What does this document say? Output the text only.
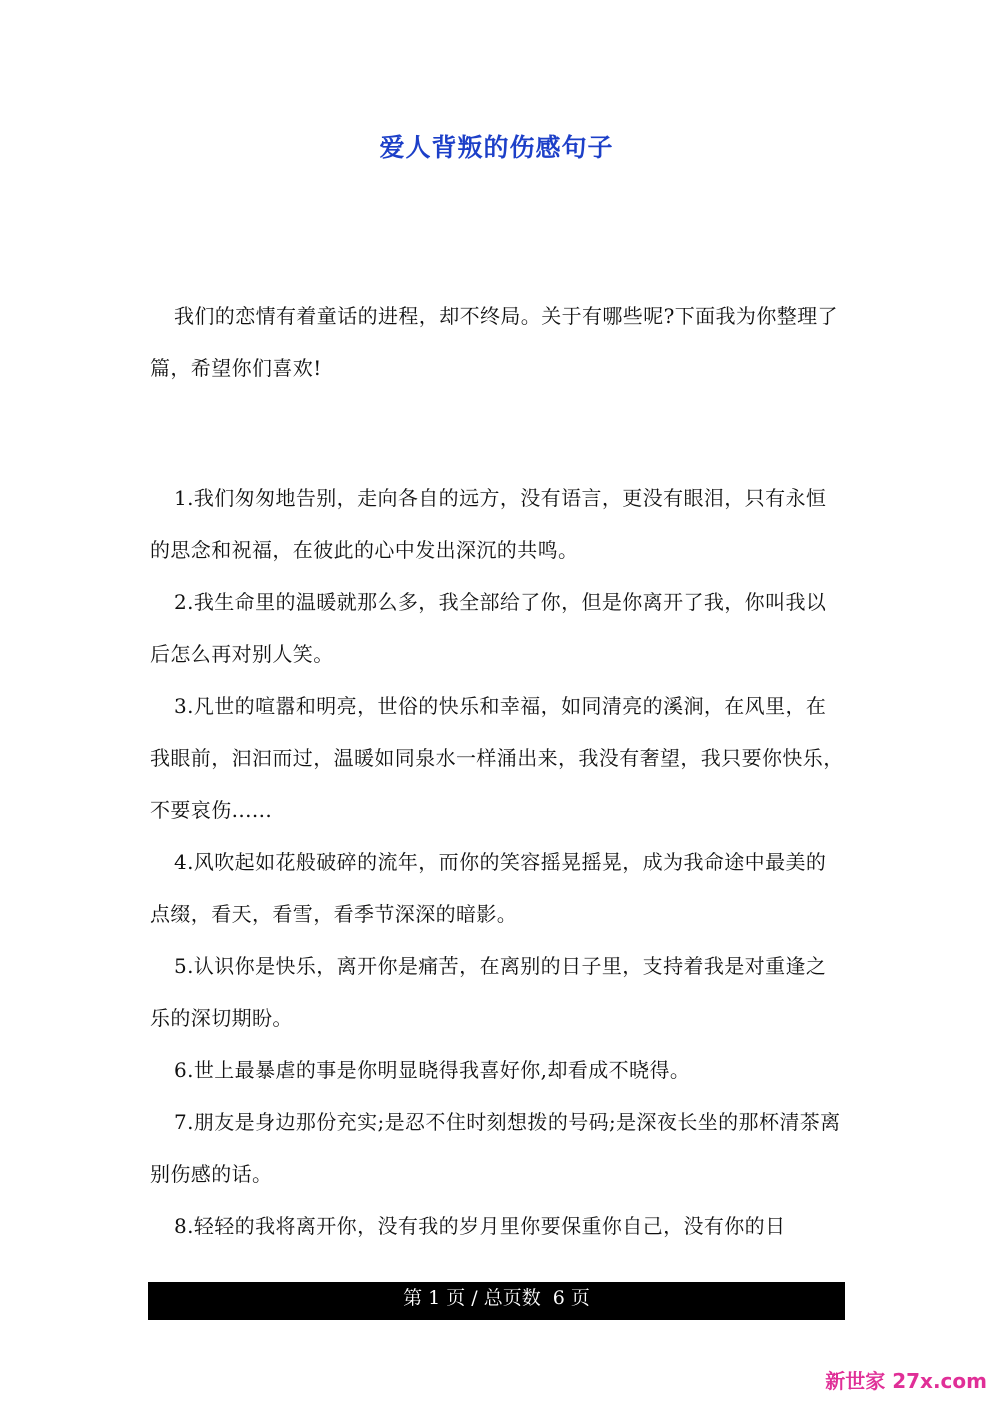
爱人背叛的伤感句子

我们的恋情有着童话的进程，却不终局。关于有哪些呢?下面我为你整理了篇，希望你们喜欢!

1.我们匆匆地告别，走向各自的远方，没有语言，更没有眼泪，只有永恒的思念和祝福，在彼此的心中发出深沉的共鸣。

2.我生命里的温暖就那么多，我全部给了你，但是你离开了我，你叫我以后怎么再对别人笑。

3.凡世的喧嚣和明亮，世俗的快乐和幸福，如同清亮的溪涧，在风里，在我眼前，汩汩而过，温暖如同泉水一样涌出来，我没有奢望，我只要你快乐，不要哀伤......

4.风吹起如花般破碎的流年，而你的笑容摇晃摇晃，成为我命途中最美的点缀，看天，看雪，看季节深深的暗影。

5.认识你是快乐，离开你是痛苦，在离别的日子里，支持着我是对重逢之乐的深切期盼。

6.世上最暴虐的事是你明显晓得我喜好你,却看成不晓得。

7.朋友是身边那份充实;是忍不住时刻想拨的号码;是深夜长坐的那杯清茶离别伤感的话。

8.轻轻的我将离开你，没有我的岁月里你要保重你自己，没有你的日

第 1 页 / 总页数  6 页
新世家 27x.com
